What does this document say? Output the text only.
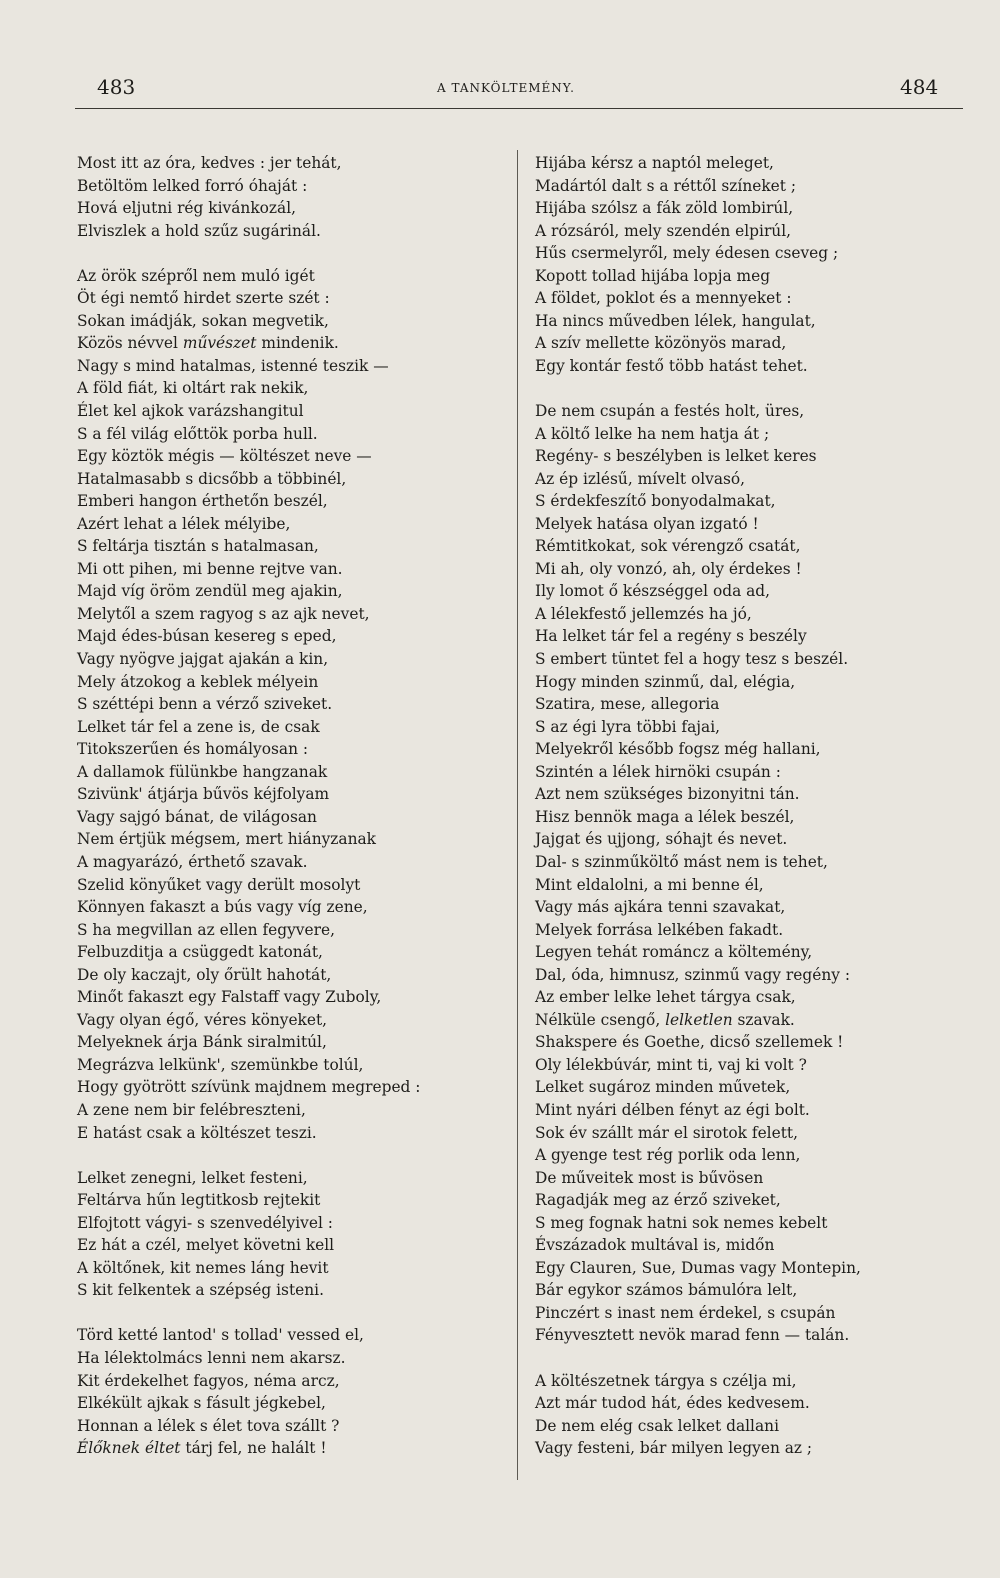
483	A TANKÖLTEMÉNY.	484
Most itt az óra, kedves : jer tehát,
Betöltöm lelked forró óhaját :
Hová eljutni rég kivánkozál,
Elviszlek a hold szűz sugárinál.
Az örök szépről nem muló igét
Öt égi nemtő hirdet szerte szét :
Sokan imádják, sokan megvetik,
Közös névvel művészet mindenik.
Nagy s mind hatalmas, istenné teszik —
A föld fiát, ki oltárt rak nekik,
Élet kel ajkok varázshangitul
S a fél világ előttök porba hull.
Egy köztök mégis — költészet neve —
Hatalmasabb s dicsőbb a többinél,
Emberi hangon érthetőn beszél,
Azért lehat a lélek mélyibe,
S feltárja tisztán s hatalmasan,
Mi ott pihen, mi benne rejtve van.
Majd víg öröm zendül meg ajakin,
Melytől a szem ragyog s az ajk nevet,
Majd édes-búsan kesereg s eped,
Vagy nyögve jajgat ajakán a kin,
Mely átzokog a keblek mélyein
S széttépi benn a vérző sziveket.
Lelket tár fel a zene is, de csak
Titokszerűen és homályosan :
A dallamok fülünkbe hangzanak
Szivünk' átjárja bűvös kéjfolyam
Vagy sajgó bánat, de világosan
Nem értjük mégsem, mert hiányzanak
A magyarázó, érthető szavak.
Szelid könyűket vagy derült mosolyt
Könnyen fakaszt a bús vagy víg zene,
S ha megvillan az ellen fegyvere,
Felbuzditja a csüggedt katonát,
De oly kaczajt, oly őrült hahotát,
Minőt fakaszt egy Falstaff vagy Zuboly,
Vagy olyan égő, véres könyeket,
Melyeknek árja Bánk siralmitúl,
Megrázva lelkünk', szemünkbe tolúl,
Hogy gyötrött szívünk majdnem megreped :
A zene nem bir felébreszteni,
E hatást csak a költészet teszi.
Lelket zenegni, lelket festeni,
Feltárva hűn legtitkosb rejtekit
Elfojtott vágyi- s szenvedélyivel :
Ez hát a czél, melyet követni kell
A költőnek, kit nemes láng hevit
S kit felkentek a szépség isteni.
Törd ketté lantod' s tollad' vessed el,
Ha lélektolmács lenni nem akarsz.
Kit érdekelhet fagyos, néma arcz,
Elkékült ajkak s fásult jégkebel,
Honnan a lélek s élet tova szállt ?
Élőknek éltet tárj fel, ne halált !
Hijába kérsz a naptól meleget,
Madártól dalt s a réttől színeket ;
Hijába szólsz a fák zöld lombirúl,
A rózsáról, mely szendén elpirúl,
Hűs csermelyről, mely édesen cseveg ;
Kopott tollad hijába lopja meg
A földet, poklot és a mennyeket :
Ha nincs művedben lélek, hangulat,
A szív mellette közönyös marad,
Egy kontár festő több hatást tehet.
De nem csupán a festés holt, üres,
A költő lelke ha nem hatja át ;
Regény- s beszélyben is lelket keres
Az ép izlésű, mívelt olvasó,
S érdekfeszítő bonyodalmakat,
Melyek hatása olyan izgató !
Rémtitkokat, sok vérengző csatát,
Mi ah, oly vonzó, ah, oly érdekes !
Ily lomot ő készséggel oda ad,
A lélekfestő jellemzés ha jó,
Ha lelket tár fel a regény s beszély
S embert tüntet fel a hogy tesz s beszél.
Hogy minden szinmű, dal, elégia,
Szatira, mese, allegoria
S az égi lyra többi fajai,
Melyekről később fogsz még hallani,
Szintén a lélek hirnöki csupán :
Azt nem szükséges bizonyitni tán.
Hisz bennök maga a lélek beszél,
Jajgat és ujjong, sóhajt és nevet.
Dal- s szinműköltő mást nem is tehet,
Mint eldalolni, a mi benne él,
Vagy más ajkára tenni szavakat,
Melyek forrása lelkében fakadt.
Legyen tehát románcz a költemény,
Dal, óda, himnusz, szinmű vagy regény :
Az ember lelke lehet tárgya csak,
Nélküle csengő, lelketlen szavak.
Shakspere és Goethe, dicső szellemek !
Oly lélekbúvár, mint ti, vaj ki volt ?
Lelket sugároz minden művetek,
Mint nyári délben fényt az égi bolt.
Sok év szállt már el sirotok felett,
A gyenge test rég porlik oda lenn,
De műveitek most is bűvösen
Ragadják meg az érző sziveket,
S meg fognak hatni sok nemes kebelt
Évszázadok multával is, midőn
Egy Clauren, Sue, Dumas vagy Montepin,
Bár egykor számos bámulóra lelt,
Pinczért s inast nem érdekel, s csupán
Fényvesztett nevök marad fenn — talán.
A költészetnek tárgya s czélja mi,
Azt már tudod hát, édes kedvesem.
De nem elég csak lelket dallani
Vagy festeni, bár milyen legyen az ;
